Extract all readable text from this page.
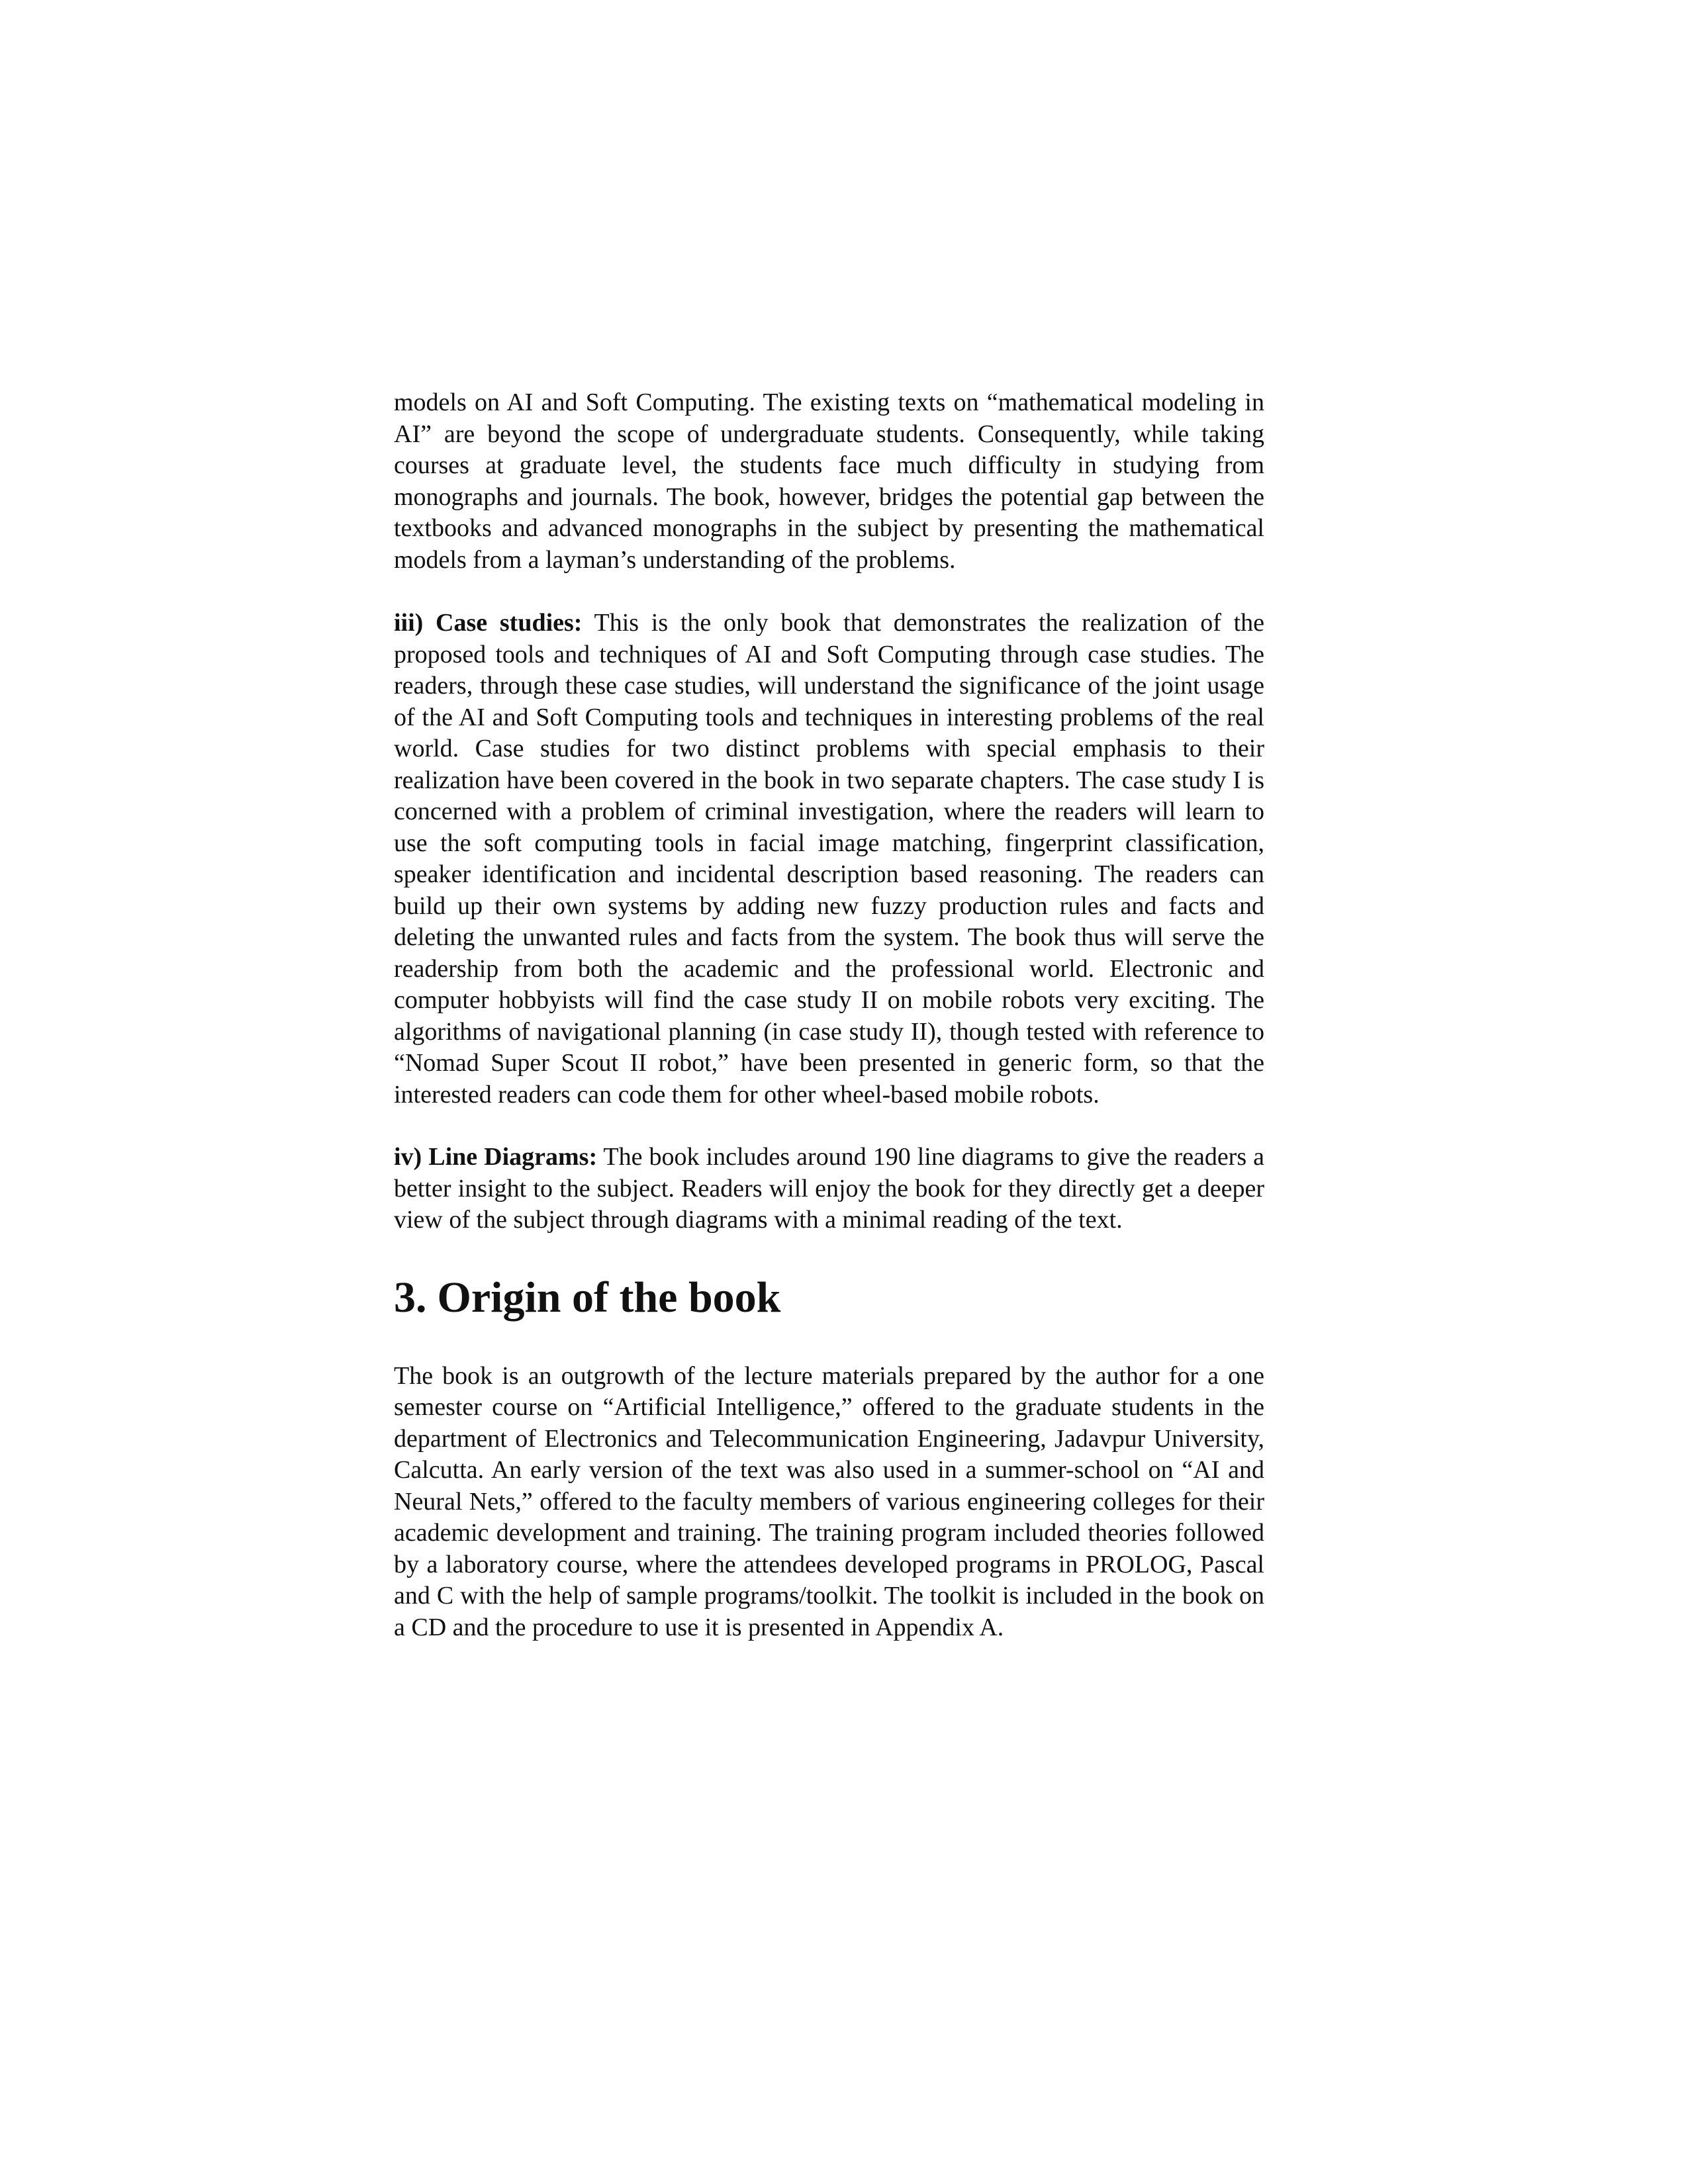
models on AI and Soft Computing. The existing texts on “mathematical modeling in AI” are beyond the scope of undergraduate students. Consequently, while taking courses at graduate level, the students face much difficulty in studying from monographs and journals. The book, however, bridges the potential gap between the textbooks and advanced monographs in the subject by presenting the mathematical models from a layman’s understanding of the problems.

iii) Case studies: This is the only book that demonstrates the realization of the proposed tools and techniques of AI and Soft Computing through case studies. The readers, through these case studies, will understand the significance of the joint usage of the AI and Soft Computing tools and techniques in interesting problems of the real world. Case studies for two distinct problems with special emphasis to their realization have been covered in the book in two separate chapters. The case study I is concerned with a problem of criminal investigation, where the readers will learn to use the soft computing tools in facial image matching, fingerprint classification, speaker identification and incidental description based reasoning. The readers can build up their own systems by adding new fuzzy production rules and facts and deleting the unwanted rules and facts from the system. The book thus will serve the readership from both the academic and the professional world. Electronic and computer hobbyists will find the case study II on mobile robots very exciting. The algorithms of navigational planning (in case study II), though tested with reference to “Nomad Super Scout II robot,” have been presented in generic form, so that the interested readers can code them for other wheel-based mobile robots.

iv) Line Diagrams: The book includes around 190 line diagrams to give the readers a better insight to the subject. Readers will enjoy the book for they directly get a deeper view of the subject through diagrams with a minimal reading of the text.

3. Origin of the book

The book is an outgrowth of the lecture materials prepared by the author for a one semester course on “Artificial Intelligence,” offered to the graduate students in the department of Electronics and Telecommunication Engineering, Jadavpur University, Calcutta. An early version of the text was also used in a summer-school on “AI and Neural Nets,” offered to the faculty members of various engineering colleges for their academic development and training. The training program included theories followed by a laboratory course, where the attendees developed programs in PROLOG, Pascal and C with the help of sample programs/toolkit. The toolkit is included in the book on a CD and the procedure to use it is presented in Appendix A.
